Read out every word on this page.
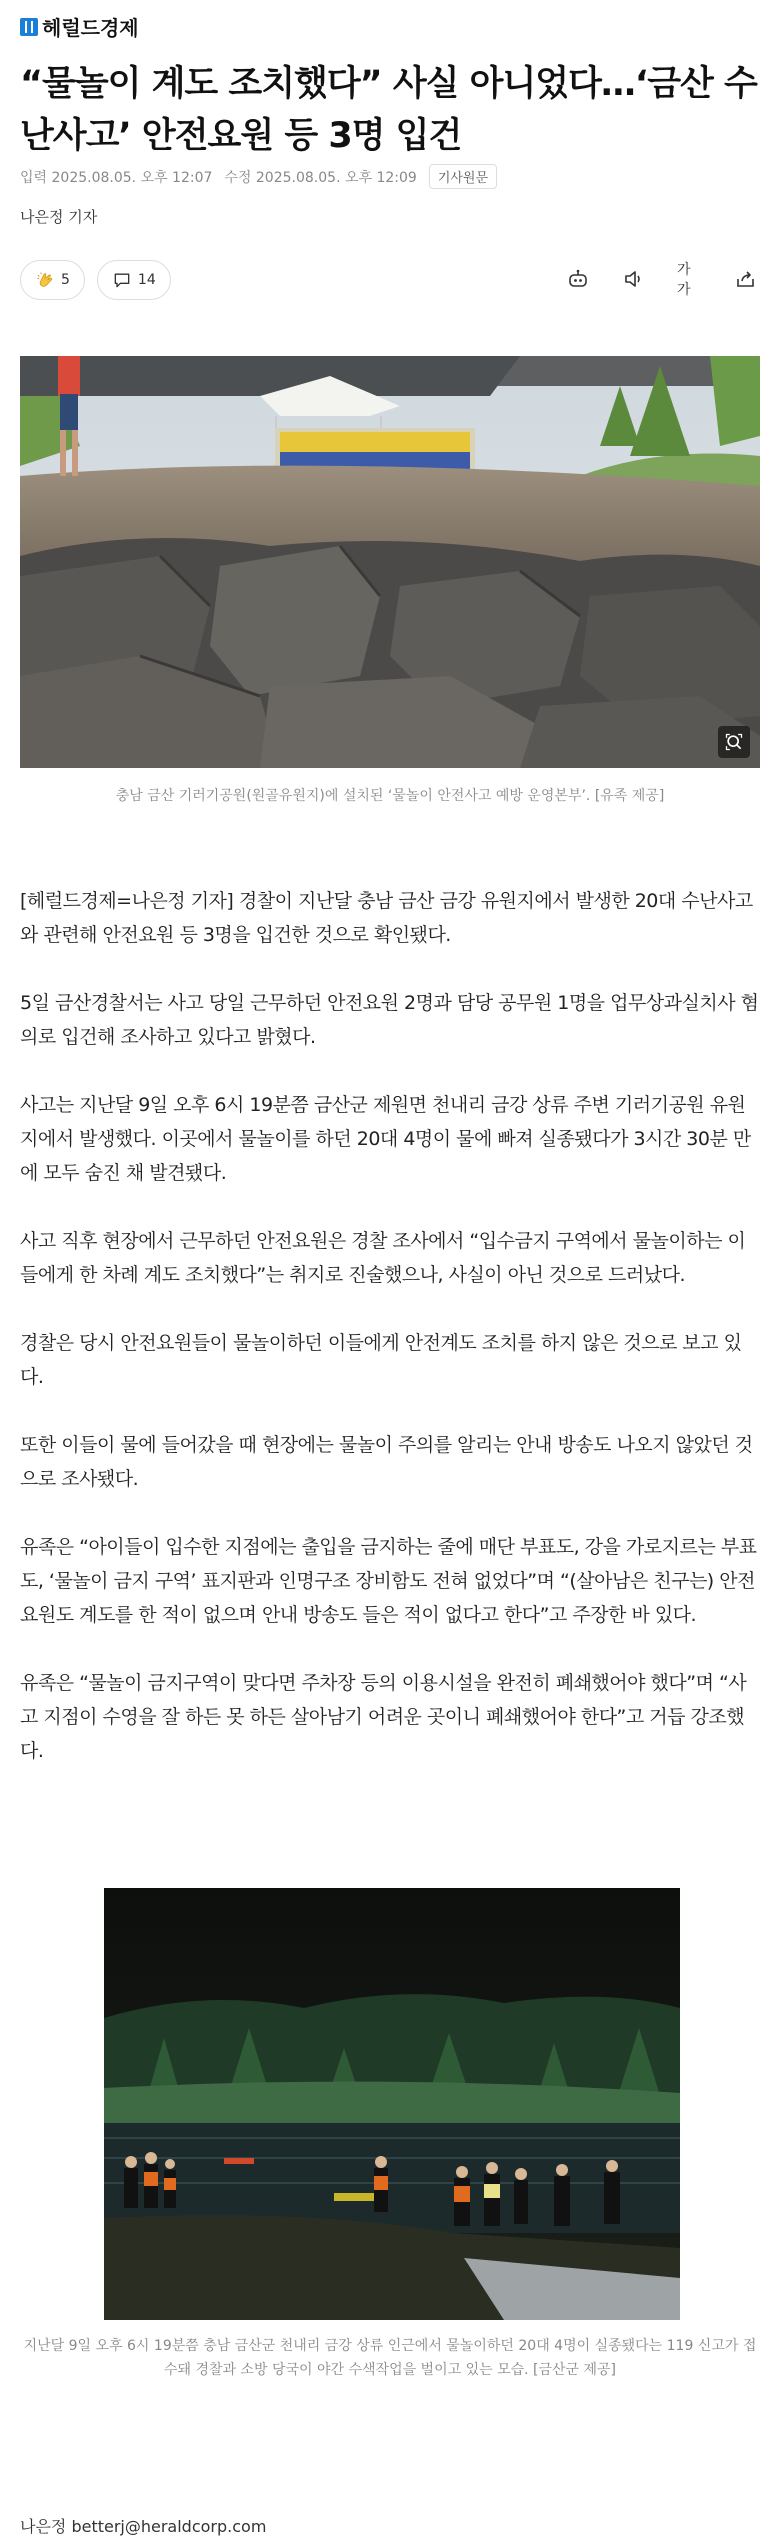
헤럴드경제
“물놀이 계도 조치했다” 사실 아니었다…‘금산 수난사고’ 안전요원 등 3명 입건
입력 2025.08.05. 오후 12:07 수정 2025.08.05. 오후 12:09	기사원문
나은정 기자
5	14
가가
충남 금산 기러기공원(원골유원지)에 설치된 ‘물놀이 안전사고 예방 운영본부’. [유족 제공]

[헤럴드경제=나은정 기자] 경찰이 지난달 충남 금산 금강 유원지에서 발생한 20대 수난사고와 관련해 안전요원 등 3명을 입건한 것으로 확인됐다.

5일 금산경찰서는 사고 당일 근무하던 안전요원 2명과 담당 공무원 1명을 업무상과실치사 혐의로 입건해 조사하고 있다고 밝혔다.

사고는 지난달 9일 오후 6시 19분쯤 금산군 제원면 천내리 금강 상류 주변 기러기공원 유원지에서 발생했다. 이곳에서 물놀이를 하던 20대 4명이 물에 빠져 실종됐다가 3시간 30분 만에 모두 숨진 채 발견됐다.

사고 직후 현장에서 근무하던 안전요원은 경찰 조사에서 “입수금지 구역에서 물놀이하는 이들에게 한 차례 계도 조치했다”는 취지로 진술했으나, 사실이 아닌 것으로 드러났다.

경찰은 당시 안전요원들이 물놀이하던 이들에게 안전계도 조치를 하지 않은 것으로 보고 있다.

또한 이들이 물에 들어갔을 때 현장에는 물놀이 주의를 알리는 안내 방송도 나오지 않았던 것으로 조사됐다.

유족은 “아이들이 입수한 지점에는 출입을 금지하는 줄에 매단 부표도, 강을 가로지르는 부표도, ‘물놀이 금지 구역’ 표지판과 인명구조 장비함도 전혀 없었다”며 “(살아남은 친구는) 안전요원도 계도를 한 적이 없으며 안내 방송도 들은 적이 없다고 한다”고 주장한 바 있다.

유족은 “물놀이 금지구역이 맞다면 주차장 등의 이용시설을 완전히 폐쇄했어야 했다”며 “사고 지점이 수영을 잘 하든 못 하든 살아남기 어려운 곳이니 폐쇄했어야 한다”고 거듭 강조했다.

지난달 9일 오후 6시 19분쯤 충남 금산군 천내리 금강 상류 인근에서 물놀이하던 20대 4명이 실종됐다는 119 신고가 접수돼 경찰과 소방 당국이 야간 수색작업을 벌이고 있는 모습. [금산군 제공]
나은정 betterj@heraldcorp.com
